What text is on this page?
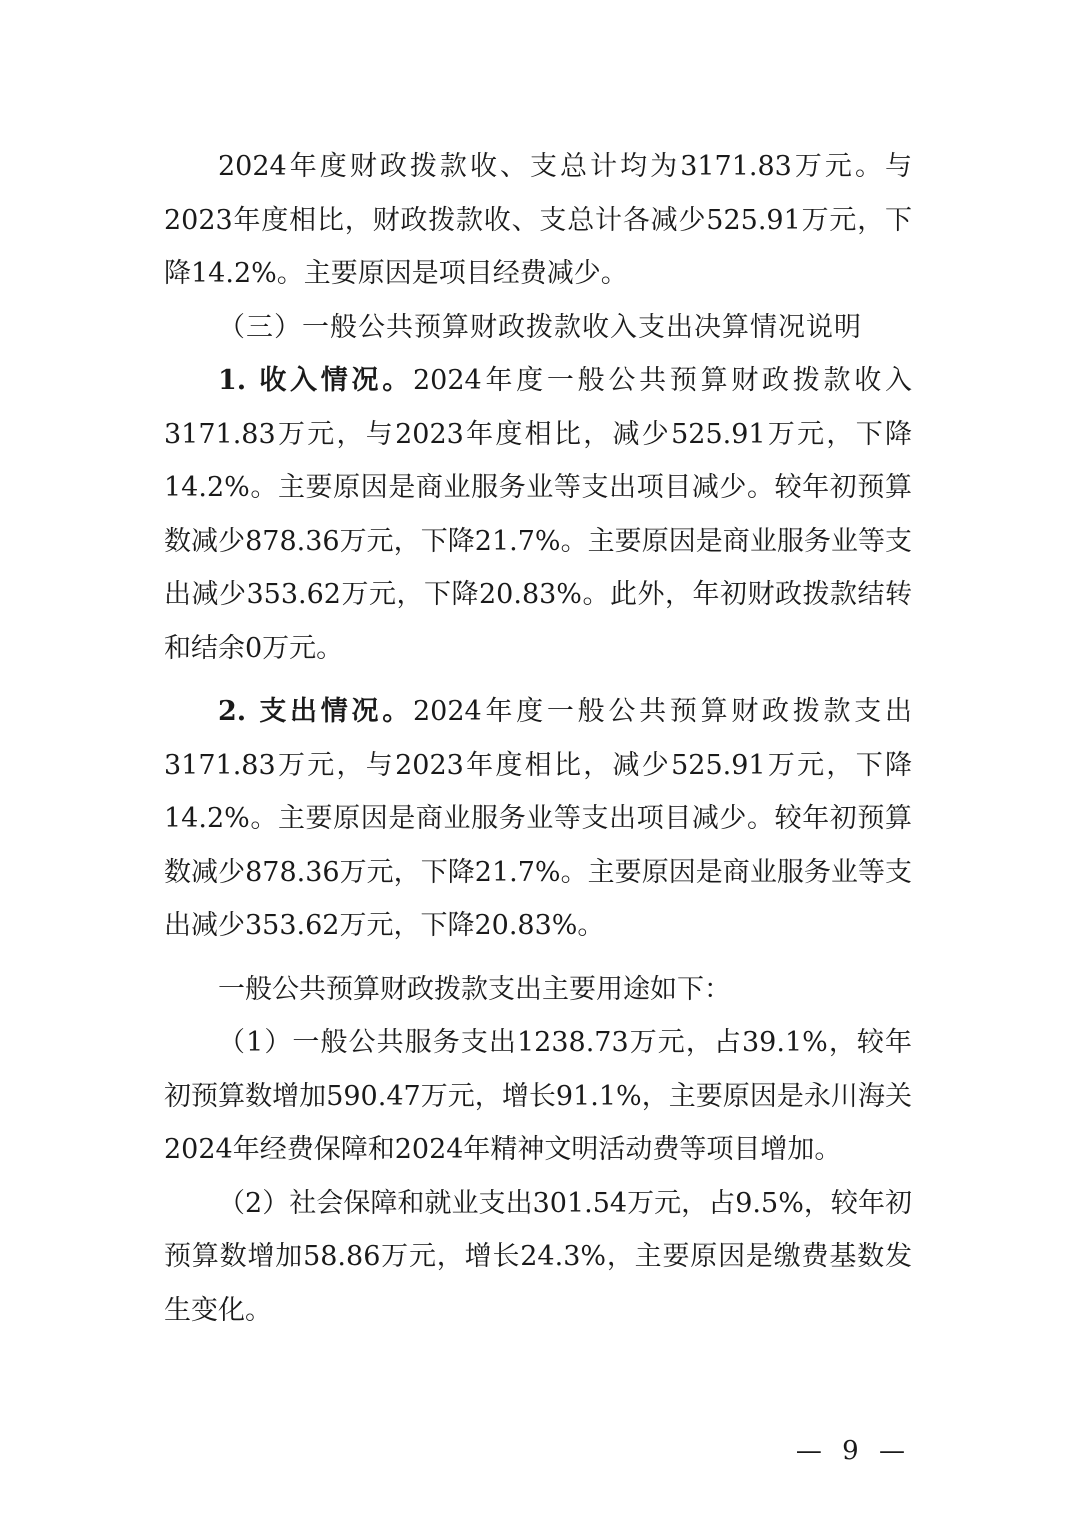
2024年度财政拨款收、支总计均为3171.83万元。与2023年度相比，财政拨款收、支总计各减少525.91万元，下降14.2%。主要原因是项目经费减少。

（三）一般公共预算财政拨款收入支出决算情况说明

1. 收入情况。2024年度一般公共预算财政拨款收入3171.83万元，与2023年度相比，减少525.91万元，下降14.2%。主要原因是商业服务业等支出项目减少。较年初预算数减少878.36万元，下降21.7%。主要原因是商业服务业等支出减少353.62万元，下降20.83%。此外，年初财政拨款结转和结余0万元。

2. 支出情况。2024年度一般公共预算财政拨款支出3171.83万元，与2023年度相比，减少525.91万元，下降14.2%。主要原因是商业服务业等支出项目减少。较年初预算数减少878.36万元，下降21.7%。主要原因是商业服务业等支出减少353.62万元，下降20.83%。

一般公共预算财政拨款支出主要用途如下：

（1）一般公共服务支出1238.73万元，占39.1%，较年初预算数增加590.47万元，增长91.1%，主要原因是永川海关2024年经费保障和2024年精神文明活动费等项目增加。

（2）社会保障和就业支出301.54万元，占9.5%，较年初预算数增加58.86万元，增长24.3%，主要原因是缴费基数发生变化。

— 9 —
